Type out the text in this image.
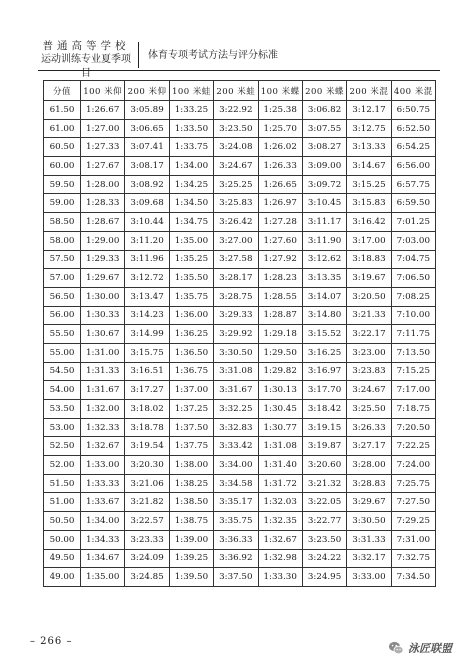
普通高等学校
运动训练专业夏季项目
体育专项考试方法与评分标准
分值	100 米仰	200 米仰	100 米蛙	200 米蛙	100 米蝶	200 米蝶	200 米混	400 米混
61.50	1:26.67	3:05.89	1:33.25	3:22.92	1:25.38	3:06.82	3:12.17	6:50.75
61.00	1:27.00	3:06.65	1:33.50	3:23.50	1:25.70	3:07.55	3:12.75	6:52.50
60.50	1:27.33	3:07.41	1:33.75	3:24.08	1:26.02	3:08.27	3:13.33	6:54.25
60.00	1:27.67	3:08.17	1:34.00	3:24.67	1:26.33	3:09.00	3:14.67	6:56.00
59.50	1:28.00	3:08.92	1:34.25	3:25.25	1:26.65	3:09.72	3:15.25	6:57.75
59.00	1:28.33	3:09.68	1:34.50	3:25.83	1:26.97	3:10.45	3:15.83	6:59.50
58.50	1:28.67	3:10.44	1:34.75	3:26.42	1:27.28	3:11.17	3:16.42	7:01.25
58.00	1:29.00	3:11.20	1:35.00	3:27.00	1:27.60	3:11.90	3:17.00	7:03.00
57.50	1:29.33	3:11.96	1:35.25	3:27.58	1:27.92	3:12.62	3:18.83	7:04.75
57.00	1:29.67	3:12.72	1:35.50	3:28.17	1:28.23	3:13.35	3:19.67	7:06.50
56.50	1:30.00	3:13.47	1:35.75	3:28.75	1:28.55	3:14.07	3:20.50	7:08.25
56.00	1:30.33	3:14.23	1:36.00	3:29.33	1:28.87	3:14.80	3:21.33	7:10.00
55.50	1:30.67	3:14.99	1:36.25	3:29.92	1:29.18	3:15.52	3:22.17	7:11.75
55.00	1:31.00	3:15.75	1:36.50	3:30.50	1:29.50	3:16.25	3:23.00	7:13.50
54.50	1:31.33	3:16.51	1:36.75	3:31.08	1:29.82	3:16.97	3:23.83	7:15.25
54.00	1:31.67	3:17.27	1:37.00	3:31.67	1:30.13	3:17.70	3:24.67	7:17.00
53.50	1:32.00	3:18.02	1:37.25	3:32.25	1:30.45	3:18.42	3:25.50	7:18.75
53.00	1:32.33	3:18.78	1:37.50	3:32.83	1:30.77	3:19.15	3:26.33	7:20.50
52.50	1:32.67	3:19.54	1:37.75	3:33.42	1:31.08	3:19.87	3:27.17	7:22.25
52.00	1:33.00	3:20.30	1:38.00	3:34.00	1:31.40	3:20.60	3:28.00	7:24.00
51.50	1:33.33	3:21.06	1:38.25	3:34.58	1:31.72	3:21.32	3:28.83	7:25.75
51.00	1:33.67	3:21.82	1:38.50	3:35.17	1:32.03	3:22.05	3:29.67	7:27.50
50.50	1:34.00	3:22.57	1:38.75	3:35.75	1:32.35	3:22.77	3:30.50	7:29.25
50.00	1:34.33	3:23.33	1:39.00	3:36.33	1:32.67	3:23.50	3:31.33	7:31.00
49.50	1:34.67	3:24.09	1:39.25	3:36.92	1:32.98	3:24.22	3:32.17	7:32.75
49.00	1:35.00	3:24.85	1:39.50	3:37.50	1:33.30	3:24.95	3:33.00	7:34.50
– 266 –
泳匠联盟
